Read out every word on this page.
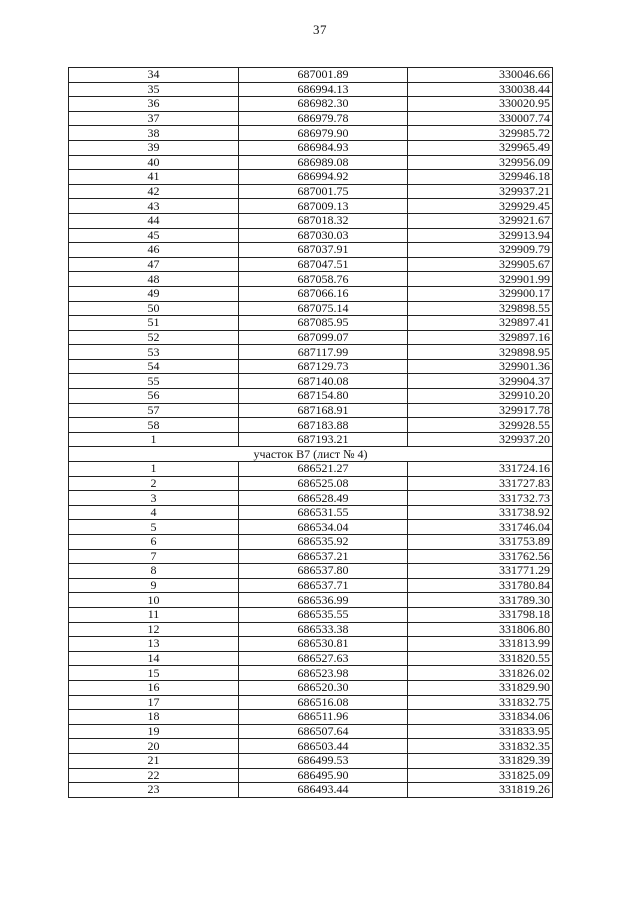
37
34	687001.89	330046.66
35	686994.13	330038.44
36	686982.30	330020.95
37	686979.78	330007.74
38	686979.90	329985.72
39	686984.93	329965.49
40	686989.08	329956.09
41	686994.92	329946.18
42	687001.75	329937.21
43	687009.13	329929.45
44	687018.32	329921.67
45	687030.03	329913.94
46	687037.91	329909.79
47	687047.51	329905.67
48	687058.76	329901.99
49	687066.16	329900.17
50	687075.14	329898.55
51	687085.95	329897.41
52	687099.07	329897.16
53	687117.99	329898.95
54	687129.73	329901.36
55	687140.08	329904.37
56	687154.80	329910.20
57	687168.91	329917.78
58	687183.88	329928.55
1	687193.21	329937.20
участок В7 (лист № 4)		
1	686521.27	331724.16
2	686525.08	331727.83
3	686528.49	331732.73
4	686531.55	331738.92
5	686534.04	331746.04
6	686535.92	331753.89
7	686537.21	331762.56
8	686537.80	331771.29
9	686537.71	331780.84
10	686536.99	331789.30
11	686535.55	331798.18
12	686533.38	331806.80
13	686530.81	331813.99
14	686527.63	331820.55
15	686523.98	331826.02
16	686520.30	331829.90
17	686516.08	331832.75
18	686511.96	331834.06
19	686507.64	331833.95
20	686503.44	331832.35
21	686499.53	331829.39
22	686495.90	331825.09
23	686493.44	331819.26
